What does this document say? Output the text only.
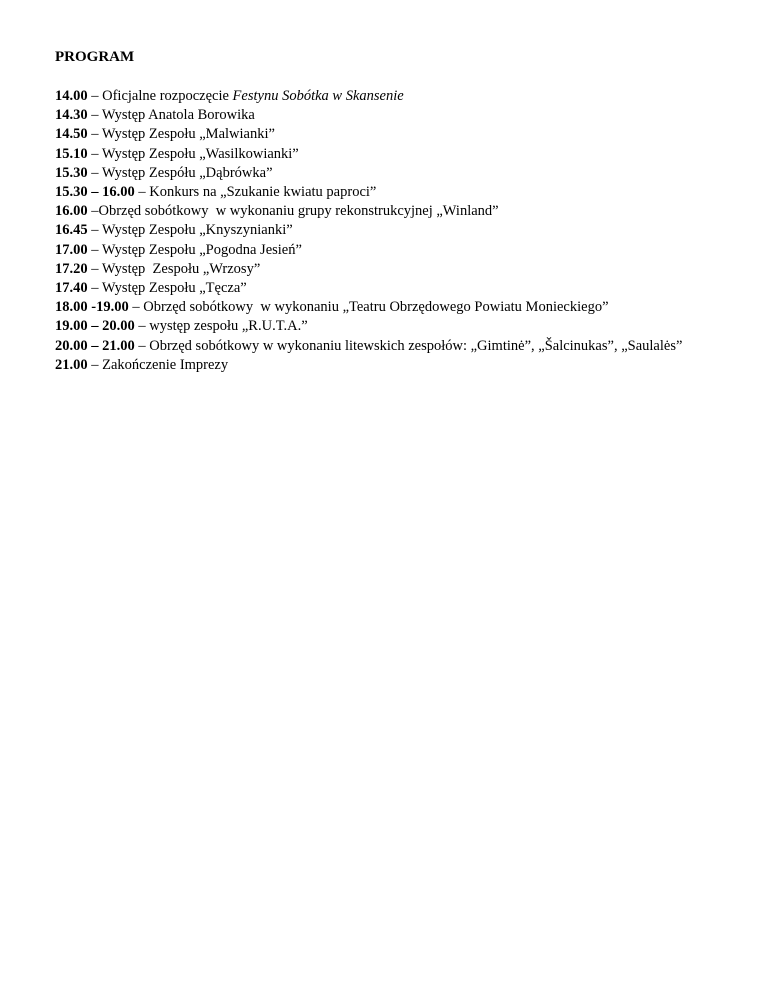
PROGRAM
14.00 – Oficjalne rozpoczęcie Festynu Sobótka w Skansenie
14.30 – Występ Anatola Borowika
14.50 – Występ Zespołu „Malwianki”
15.10 – Występ Zespołu „Wasilkowianki”
15.30 – Występ Zespółu „Dąbrówka”
15.30 – 16.00 – Konkurs na „Szukanie kwiatu paproci”
16.00 –Obrzęd sobótkowy  w wykonaniu grupy rekonstrukcyjnej „Winland”
16.45 – Występ Zespołu „Knyszynianki”
17.00 – Występ Zespołu „Pogodna Jesień”
17.20 – Występ  Zespołu „Wrzosy”
17.40 – Występ Zespołu „Tęcza”
18.00 -19.00 – Obrzęd sobótkowy  w wykonaniu „Teatru Obrzędowego Powiatu Monieckiego”
19.00 – 20.00 – występ zespołu „R.U.T.A.”
20.00 – 21.00 – Obrzęd sobótkowy w wykonaniu litewskich zespołów: „Gimtinė”, „Šalcinukas”, „Saulalės”
21.00 – Zakończenie Imprezy
